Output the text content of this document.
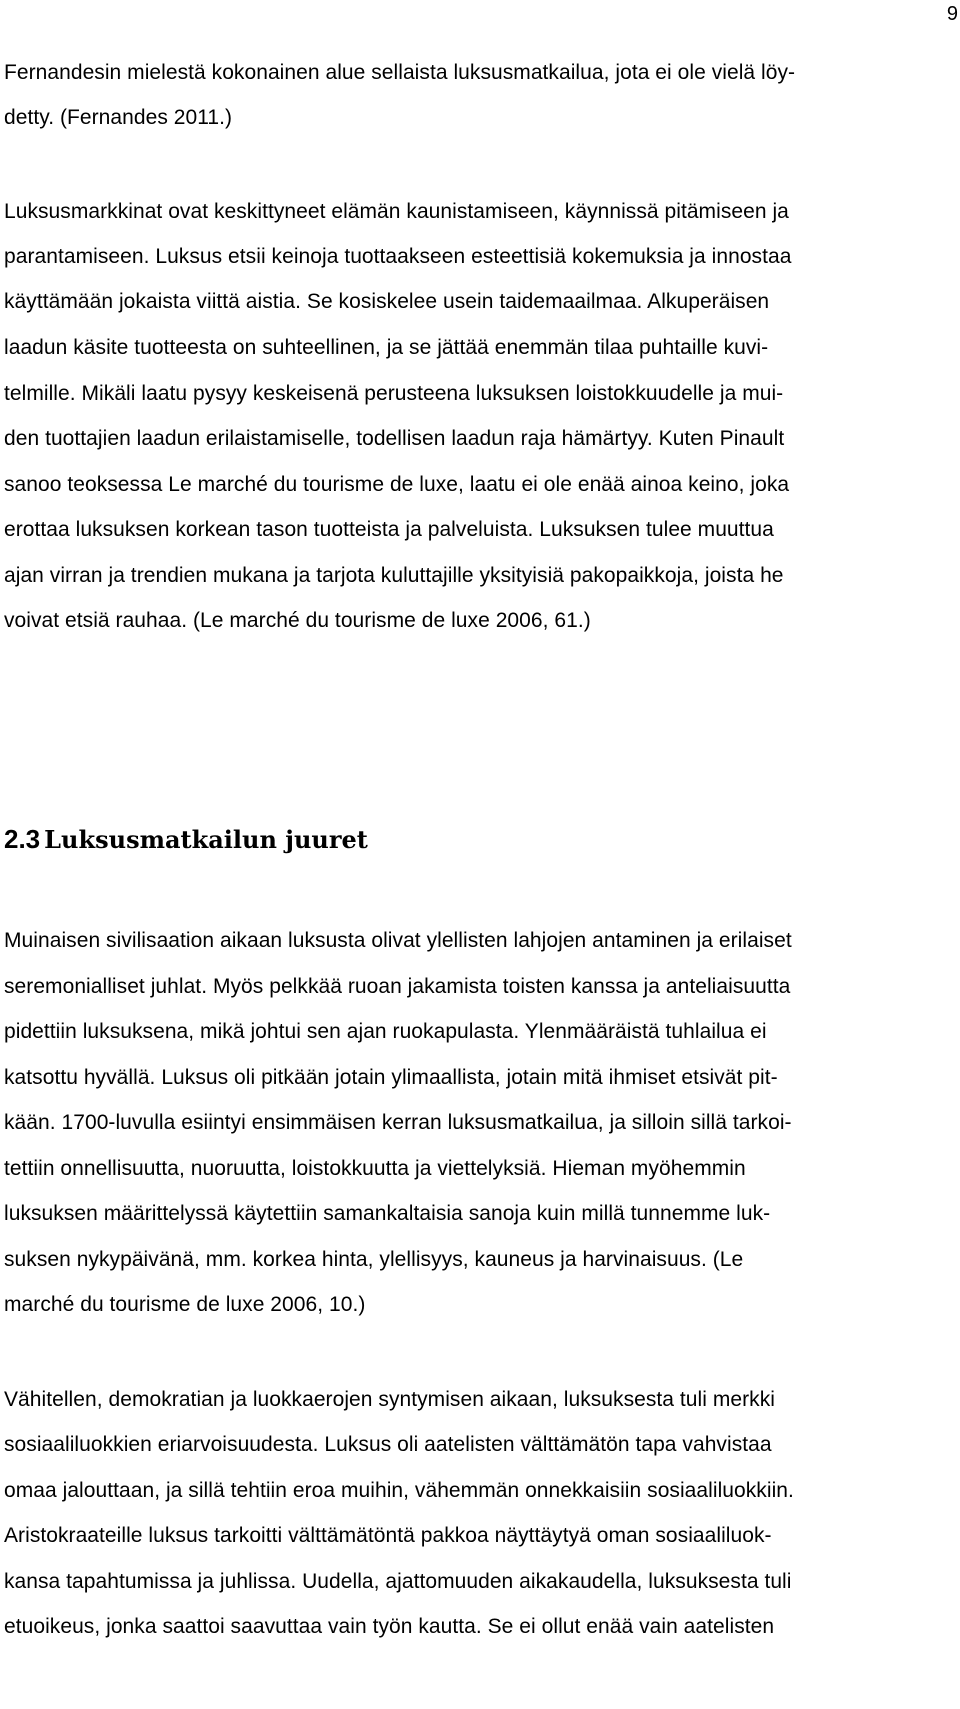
9
Fernandesin mielestä kokonainen alue sellaista luksusmatkailua, jota ei ole vielä löy-
detty. (Fernandes 2011.)
Luksusmarkkinat ovat keskittyneet elämän kaunistamiseen, käynnissä pitämiseen ja
parantamiseen. Luksus etsii keinoja tuottaakseen esteettisiä kokemuksia ja innostaa
käyttämään jokaista viittä aistia. Se kosiskelee usein taidemaailmaa. Alkuperäisen
laadun käsite tuotteesta on suhteellinen, ja se jättää enemmän tilaa puhtaille kuvi-
telmille. Mikäli laatu pysyy keskeisenä perusteena luksuksen loistokkuudelle ja mui-
den tuottajien laadun erilaistamiselle, todellisen laadun raja hämärtyy. Kuten Pinault
sanoo teoksessa Le marché du tourisme de luxe, laatu ei ole enää ainoa keino, joka
erottaa luksuksen korkean tason tuotteista ja palveluista. Luksuksen tulee muuttua
ajan virran ja trendien mukana ja tarjota kuluttajille yksityisiä pakopaikkoja, joista he
voivat etsiä rauhaa. (Le marché du tourisme de luxe 2006, 61.)
2.3 Luksusmatkailun juuret
Muinaisen sivilisaation aikaan luksusta olivat ylellisten lahjojen antaminen ja erilaiset
seremonialliset juhlat. Myös pelkkää ruoan jakamista toisten kanssa ja anteliaisuutta
pidettiin luksuksena, mikä johtui sen ajan ruokapulasta. Ylenmääräistä tuhlailua ei
katsottu hyvällä. Luksus oli pitkään jotain ylimaallista, jotain mitä ihmiset etsivät pit-
kään. 1700-luvulla esiintyi ensimmäisen kerran luksusmatkailua, ja silloin sillä tarkoi-
tettiin onnellisuutta, nuoruutta, loistokkuutta ja viettelyksiä. Hieman myöhemmin
luksuksen määrittelyssä käytettiin samankaltaisia sanoja kuin millä tunnemme luk-
suksen nykypäivänä, mm. korkea hinta, ylellisyys, kauneus ja harvinaisuus. (Le
marché du tourisme de luxe 2006, 10.)
Vähitellen, demokratian ja luokkaerojen syntymisen aikaan, luksuksesta tuli merkki
sosiaaliluokkien eriarvoisuudesta. Luksus oli aatelisten välttämätön tapa vahvistaa
omaa jalouttaan, ja sillä tehtiin eroa muihin, vähemmän onnekkaisiin sosiaaliluokkiin.
Aristokraateille luksus tarkoitti välttämätöntä pakkoa näyttäytyä oman sosiaaliluok-
kansa tapahtumissa ja juhlissa. Uudella, ajattomuuden aikakaudella, luksuksesta tuli
etuoikeus, jonka saattoi saavuttaa vain työn kautta. Se ei ollut enää vain aatelisten
